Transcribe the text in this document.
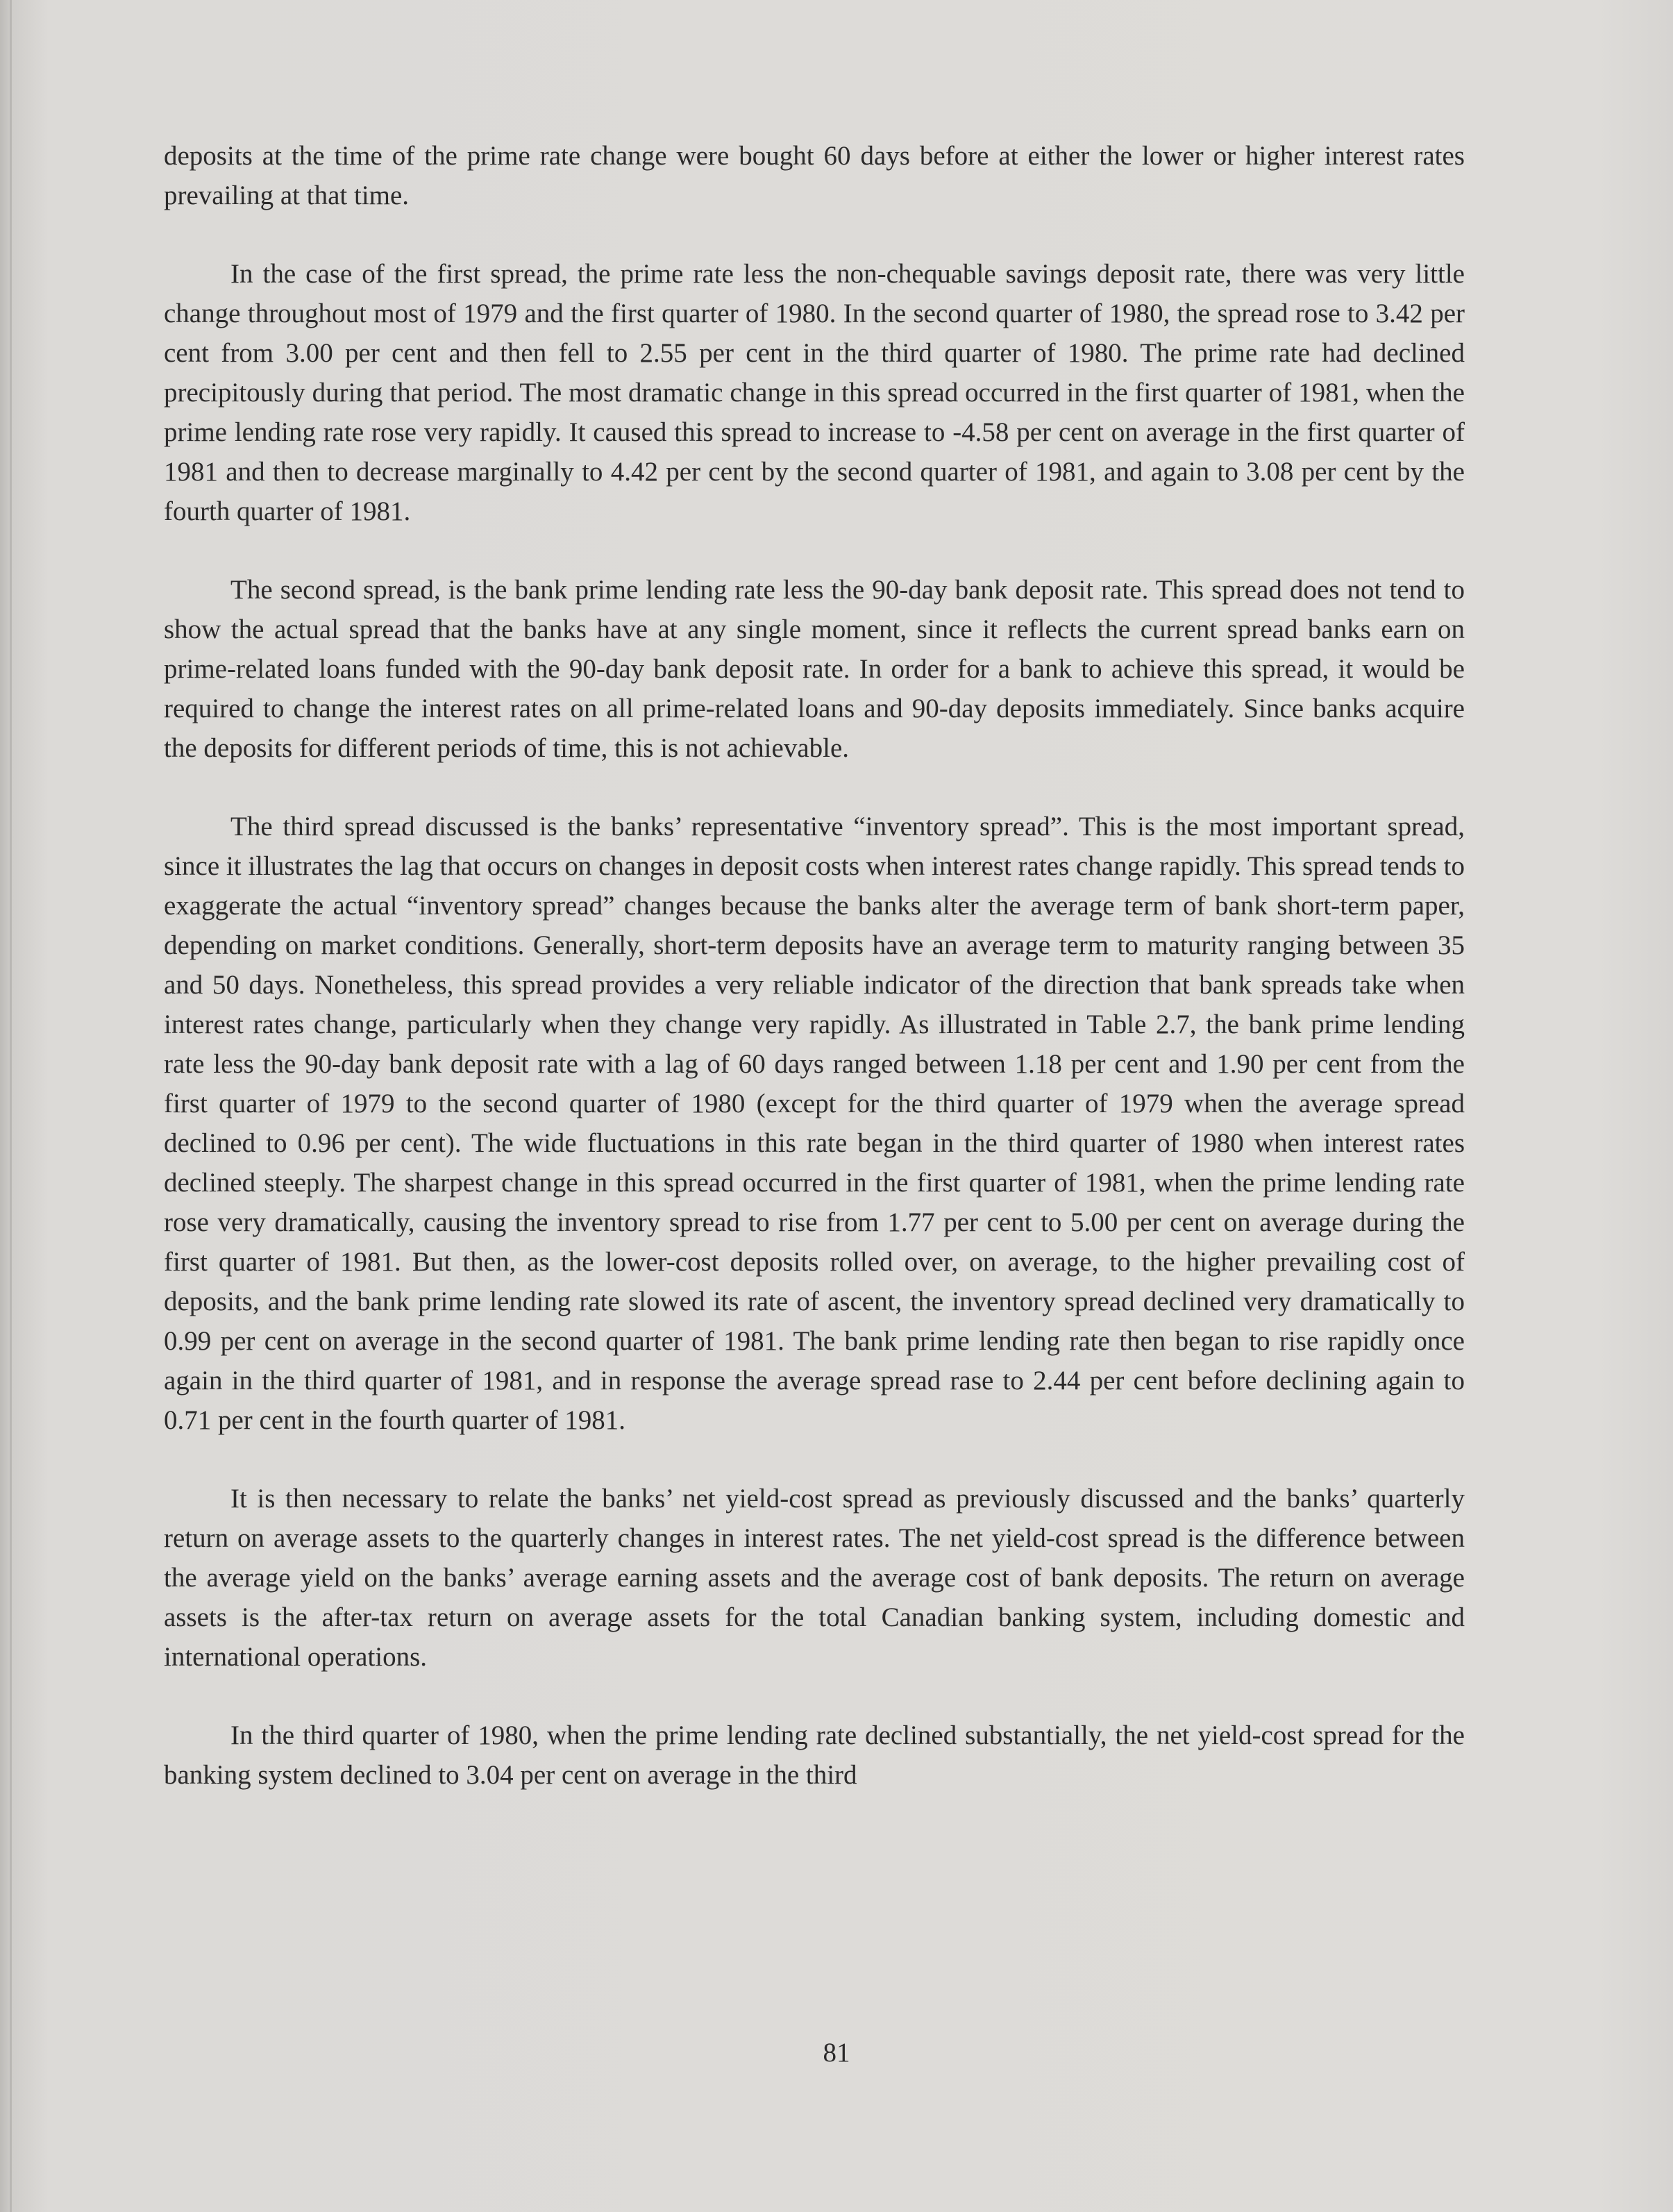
deposits at the time of the prime rate change were bought 60 days before at either the lower or higher interest rates prevailing at that time.

In the case of the first spread, the prime rate less the non-chequable savings deposit rate, there was very little change throughout most of 1979 and the first quarter of 1980. In the second quarter of 1980, the spread rose to 3.42 per cent from 3.00 per cent and then fell to 2.55 per cent in the third quarter of 1980. The prime rate had declined precipitously during that period. The most dramatic change in this spread occurred in the first quarter of 1981, when the prime lending rate rose very rapidly. It caused this spread to increase to -4.58 per cent on average in the first quarter of 1981 and then to decrease marginally to 4.42 per cent by the second quarter of 1981, and again to 3.08 per cent by the fourth quarter of 1981.

The second spread, is the bank prime lending rate less the 90-day bank deposit rate. This spread does not tend to show the actual spread that the banks have at any single moment, since it reflects the current spread banks earn on prime-related loans funded with the 90-day bank deposit rate. In order for a bank to achieve this spread, it would be required to change the interest rates on all prime-related loans and 90-day deposits immediately. Since banks acquire the deposits for different periods of time, this is not achievable.

The third spread discussed is the banks’ representative “inventory spread”. This is the most important spread, since it illustrates the lag that occurs on changes in deposit costs when interest rates change rapidly. This spread tends to exaggerate the actual “inventory spread” changes because the banks alter the average term of bank short-term paper, depending on market conditions. Generally, short-term deposits have an average term to maturity ranging between 35 and 50 days. Nonetheless, this spread provides a very reliable indicator of the direction that bank spreads take when interest rates change, particularly when they change very rapidly. As illustrated in Table 2.7, the bank prime lending rate less the 90-day bank deposit rate with a lag of 60 days ranged between 1.18 per cent and 1.90 per cent from the first quarter of 1979 to the second quarter of 1980 (except for the third quarter of 1979 when the average spread declined to 0.96 per cent). The wide fluctuations in this rate began in the third quarter of 1980 when interest rates declined steeply. The sharpest change in this spread occurred in the first quarter of 1981, when the prime lending rate rose very dramatically, causing the inventory spread to rise from 1.77 per cent to 5.00 per cent on average during the first quarter of 1981. But then, as the lower-cost deposits rolled over, on average, to the higher prevailing cost of deposits, and the bank prime lending rate slowed its rate of ascent, the inventory spread declined very dramatically to 0.99 per cent on average in the second quarter of 1981. The bank prime lending rate then began to rise rapidly once again in the third quarter of 1981, and in response the average spread rase to 2.44 per cent before declining again to 0.71 per cent in the fourth quarter of 1981.

It is then necessary to relate the banks’ net yield-cost spread as previously discussed and the banks’ quarterly return on average assets to the quarterly changes in interest rates. The net yield-cost spread is the difference between the average yield on the banks’ average earning assets and the average cost of bank deposits. The return on average assets is the after-tax return on average assets for the total Canadian banking system, including domestic and international operations.

In the third quarter of 1980, when the prime lending rate declined substantially, the net yield-cost spread for the banking system declined to 3.04 per cent on average in the third

81
